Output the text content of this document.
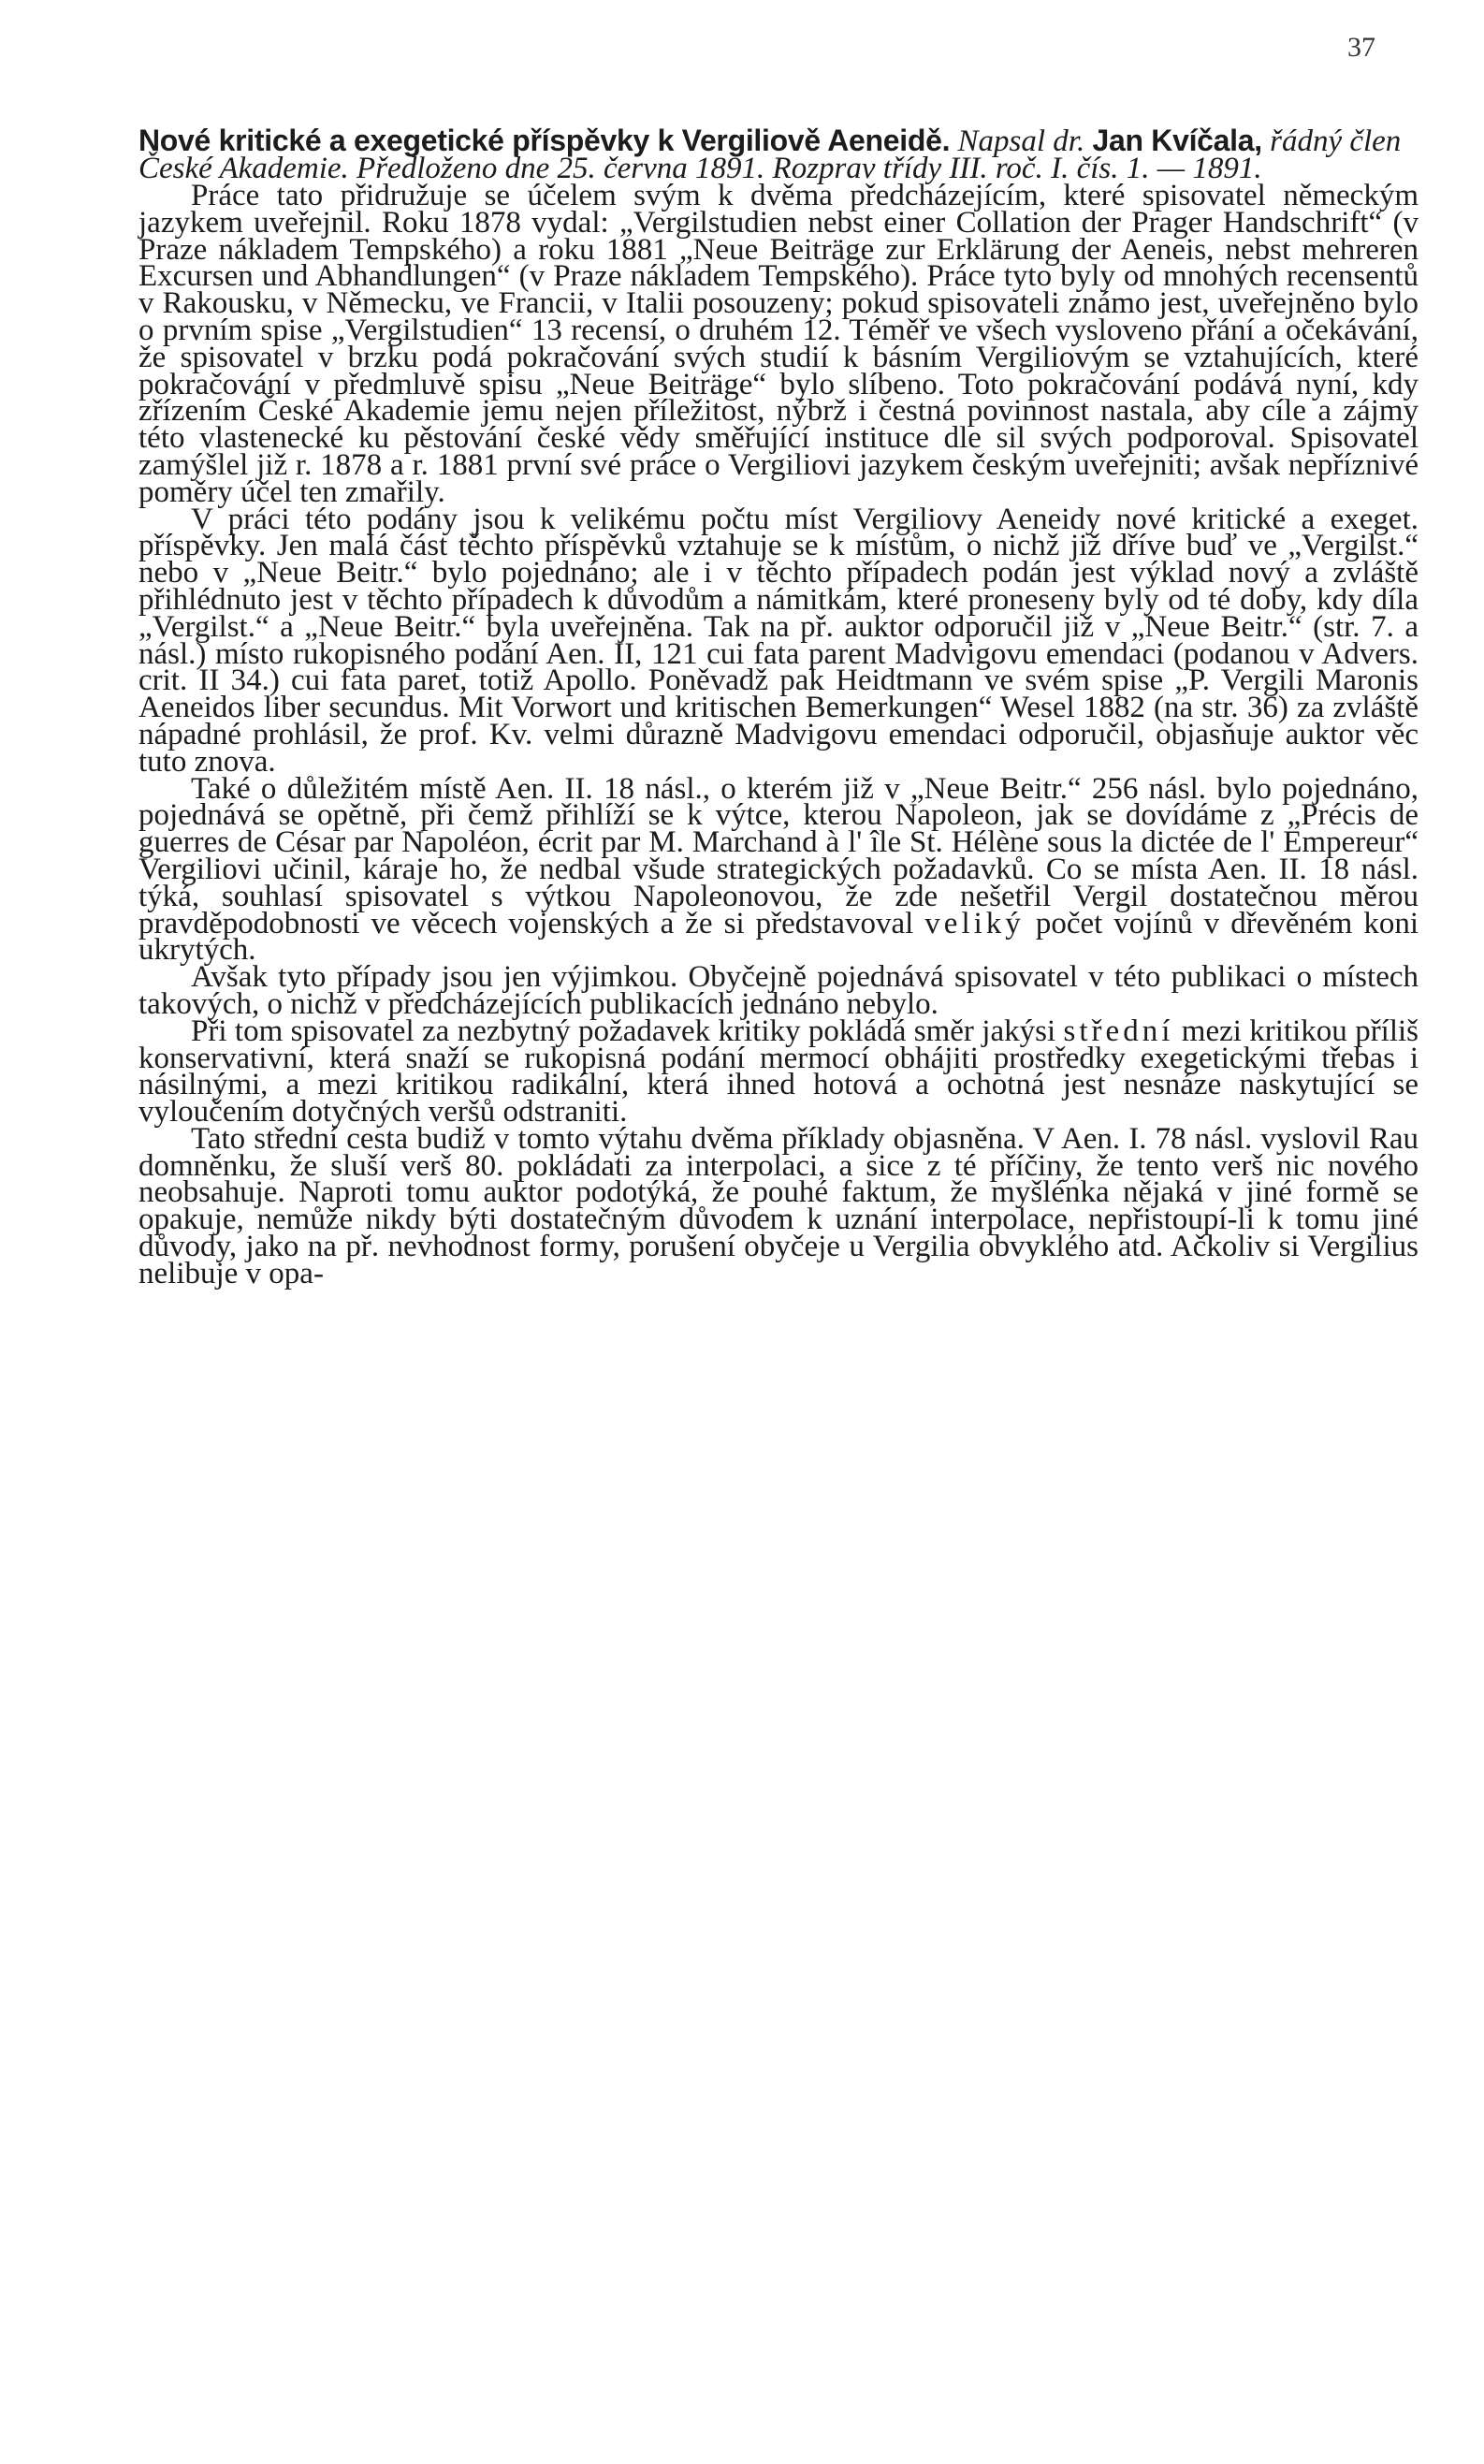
37

Nové kritické a exegetické příspěvky k Vergiliově Aeneidě. Napsal dr. Jan Kvíčala, řádný člen České Akademie. Předloženo dne 25. června 1891. Rozprav třídy III. roč. I. čís. 1. — 1891.

Práce tato přidružuje se účelem svým k dvěma předcházejícím, které spisovatel německým jazykem uveřejnil. Roku 1878 vydal: „Vergilstudien nebst einer Collation der Prager Handschrift“ (v Praze nákladem Tempského) a roku 1881 „Neue Beiträge zur Erklärung der Aeneis, nebst mehreren Excursen und Abhandlungen“ (v Praze nákladem Tempského). Práce tyto byly od mnohých recensentů v Rakousku, v Německu, ve Francii, v Italii posouzeny; pokud spisovateli známo jest, uveřejněno bylo o prvním spise „Vergilstudien“ 13 recensí, o druhém 12. Téměř ve všech vysloveno přání a očekávání, že spisovatel v brzku podá pokračování svých studií k básním Vergiliovým se vztahujících, které pokračování v předmluvě spisu „Neue Beiträge“ bylo slíbeno. Toto pokračování podává nyní, kdy zřízením České Akademie jemu nejen příležitost, nýbrž i čestná povinnost nastala, aby cíle a zájmy této vlastenecké ku pěstování české vědy směřující instituce dle sil svých podporoval. Spisovatel zamýšlel již r. 1878 a r. 1881 první své práce o Vergiliovi jazykem českým uveřejniti; avšak nepříznivé poměry účel ten zmařily.

V práci této podány jsou k velikému počtu míst Vergiliovy Aeneidy nové kritické a exeget. příspěvky. Jen malá část těchto příspěvků vztahuje se k místům, o nichž již dříve buď ve „Vergilst.“ nebo v „Neue Beitr.“ bylo pojednáno; ale i v těchto případech podán jest výklad nový a zvláště přihlédnuto jest v těchto případech k důvodům a námitkám, které proneseny byly od té doby, kdy díla „Vergilst.“ a „Neue Beitr.“ byla uveřejněna. Tak na př. auktor odporučil již v „Neue Beitr.“ (str. 7. a násl.) místo rukopisného podání Aen. II, 121 cui fata parent Madvigovu emendaci (podanou v Advers. crit. II 34.) cui fata paret, totiž Apollo. Poněvadž pak Heidtmann ve svém spise „P. Vergili Maronis Aeneidos liber secundus. Mit Vorwort und kritischen Bemerkungen“ Wesel 1882 (na str. 36) za zvláště nápadné prohlásil, že prof. Kv. velmi důrazně Madvigovu emendaci odporučil, objasňuje auktor věc tuto znova.

Také o důležitém místě Aen. II. 18 násl., o kterém již v „Neue Beitr.“ 256 násl. bylo pojednáno, pojednává se opětně, při čemž přihlíží se k výtce, kterou Napoleon, jak se dovídáme z „Précis de guerres de César par Napoléon, écrit par M. Marchand à l' île St. Hélène sous la dictée de l' Empereur“ Vergiliovi učinil, káraje ho, že nedbal všude strategických požadavků. Co se místa Aen. II. 18 násl. týká, souhlasí spisovatel s výtkou Napoleonovou, že zde nešetřil Vergil dostatečnou měrou pravděpodobnosti ve věcech vojenských a že si představoval veliký počet vojínů v dřevěném koni ukrytých.

Avšak tyto případy jsou jen výjimkou. Obyčejně pojednává spisovatel v této publikaci o místech takových, o nichž v předcházejících publikacích jednáno nebylo.

Při tom spisovatel za nezbytný požadavek kritiky pokládá směr jakýsi střední mezi kritikou příliš konservativní, která snaží se rukopisná podání mermocí obhájiti prostředky exegetickými třebas i násilnými, a mezi kritikou radikální, která ihned hotová a ochotná jest nesnáze naskytující se vyloučením dotyčných veršů odstraniti.

Tato střední cesta budiž v tomto výtahu dvěma příklady objasněna. V Aen. I. 78 násl. vyslovil Rau domněnku, že sluší verš 80. pokládati za interpolaci, a sice z té příčiny, že tento verš nic nového neobsahuje. Naproti tomu auktor podotýká, že pouhé faktum, že myšlénka nějaká v jiné formě se opakuje, nemůže nikdy býti dostatečným důvodem k uznání interpolace, nepřistoupí-li k tomu jiné důvody, jako na př. nevhodnost formy, porušení obyčeje u Vergilia obvyklého atd. Ačkoliv si Vergilius nelibuje v opa-
